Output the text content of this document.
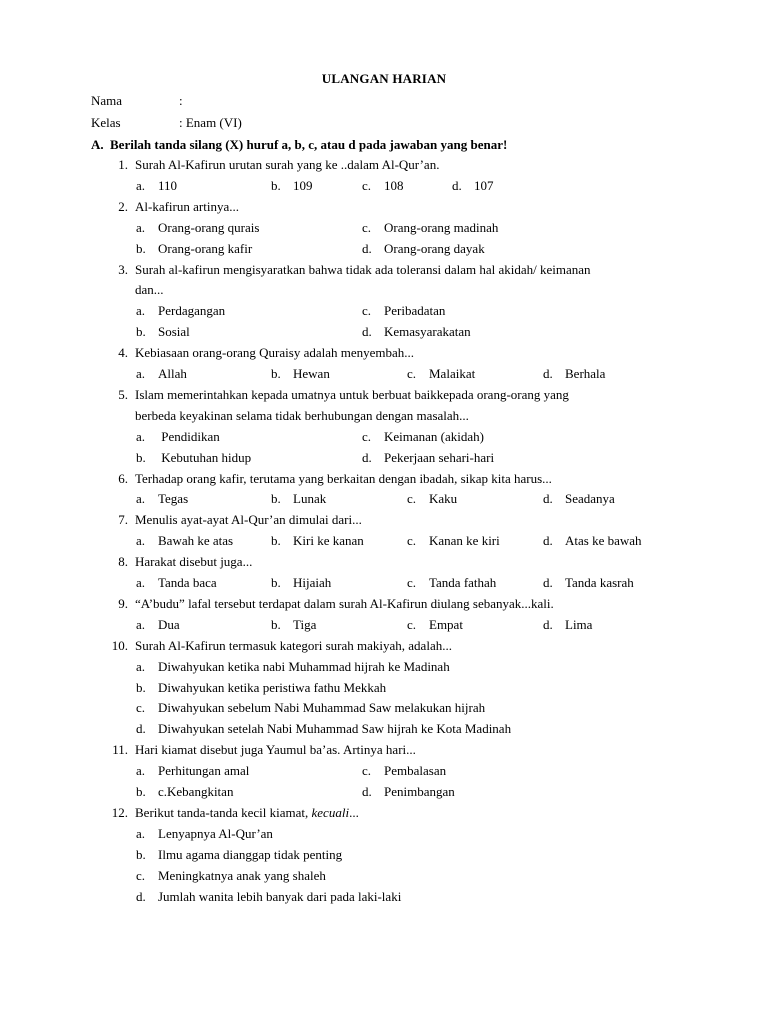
ULANGAN HARIAN
Nama	:
Kelas	: Enam (VI)
A. Berilah tanda silang (X) huruf a, b, c, atau d pada jawaban yang benar!
1. Surah Al-Kafirun urutan surah yang ke ..dalam Al-Qur’an.
a. 110	b. 109	c. 108	d. 107
2. Al-kafirun artinya...
a. Orang-orang qurais	c. Orang-orang madinah
b. Orang-orang kafir	d. Orang-orang dayak
3. Surah al-kafirun mengisyaratkan bahwa tidak ada toleransi dalam hal akidah/ keimanan
dan...
a. Perdagangan	c. Peribadatan
b. Sosial	d. Kemasyarakatan
4. Kebiasaan orang-orang Quraisy adalah menyembah...
a. Allah	b. Hewan	c. Malaikat	d. Berhala
5. Islam memerintahkan kepada umatnya untuk berbuat baikkepada orang-orang yang
berbeda keyakinan selama tidak berhubungan dengan masalah...
a. Pendidikan	c. Keimanan (akidah)
b. Kebutuhan hidup	d. Pekerjaan sehari-hari
6. Terhadap orang kafir, terutama yang berkaitan dengan ibadah, sikap kita harus...
a. Tegas	b. Lunak	c. Kaku	d. Seadanya
7. Menulis ayat-ayat Al-Qur’an dimulai dari...
a. Bawah ke atas	b. Kiri ke kanan	c. Kanan ke kiri	d. Atas ke bawah
8. Harakat disebut juga...
a. Tanda baca	b. Hijaiah	c. Tanda fathah	d. Tanda kasrah
9. “A’budu” lafal tersebut terdapat dalam surah Al-Kafirun diulang sebanyak...kali.
a. Dua	b. Tiga	c. Empat	d. Lima
10. Surah Al-Kafirun termasuk kategori surah makiyah, adalah...
a. Diwahyukan ketika nabi Muhammad hijrah ke Madinah
b. Diwahyukan ketika peristiwa fathu Mekkah
c. Diwahyukan sebelum Nabi Muhammad Saw melakukan hijrah
d. Diwahyukan setelah Nabi Muhammad Saw hijrah ke Kota Madinah
11. Hari kiamat disebut juga Yaumul ba’as. Artinya hari...
a. Perhitungan amal	c. Pembalasan
b. c.Kebangkitan	d. Penimbangan
12. Berikut tanda-tanda kecil kiamat, kecuali...
a. Lenyapnya Al-Qur’an
b. Ilmu agama dianggap tidak penting
c. Meningkatnya anak yang shaleh
d. Jumlah wanita lebih banyak dari pada laki-laki
